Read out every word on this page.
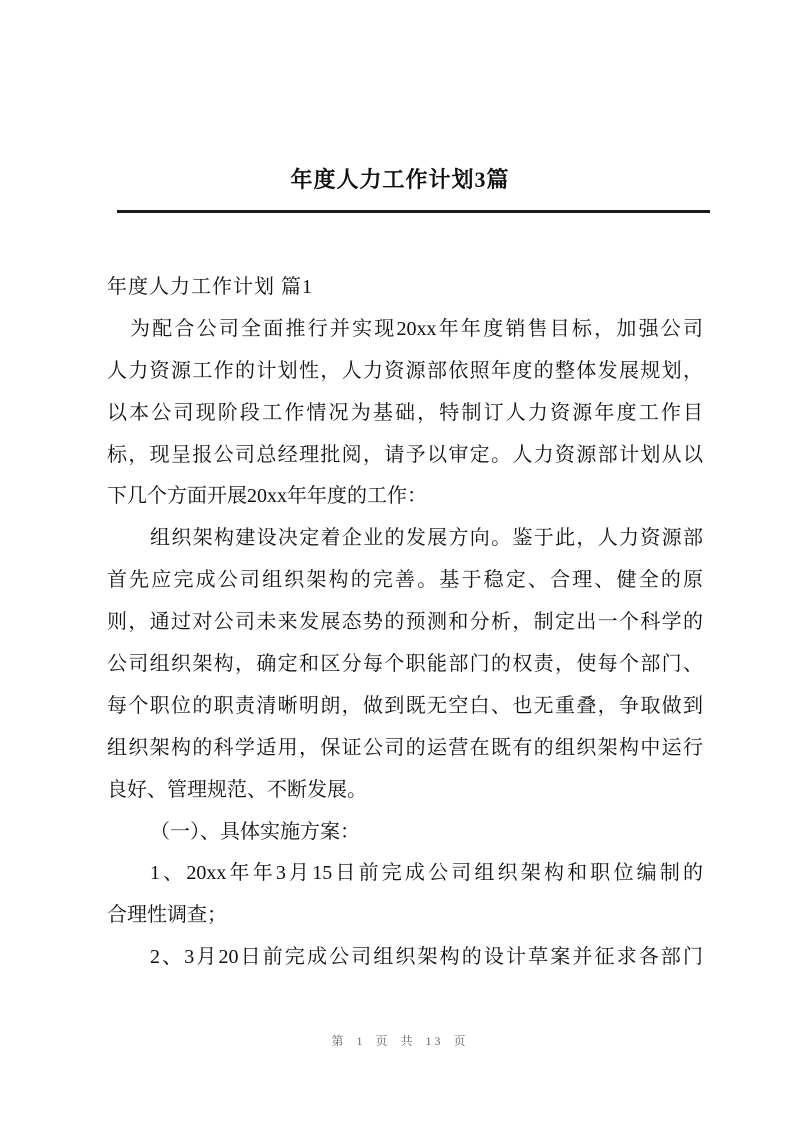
年度人力工作计划3篇
年度人力工作计划 篇1
为配合公司全面推行并实现20xx年年度销售目标，加强公司
人力资源工作的计划性，人力资源部依照年度的整体发展规划，
以本公司现阶段工作情况为基础，特制订人力资源年度工作目
标，现呈报公司总经理批阅，请予以审定。人力资源部计划从以
下几个方面开展20xx年年度的工作：
组织架构建设决定着企业的发展方向。鉴于此，人力资源部
首先应完成公司组织架构的完善。基于稳定、合理、健全的原
则，通过对公司未来发展态势的预测和分析，制定出一个科学的
公司组织架构，确定和区分每个职能部门的权责，使每个部门、
每个职位的职责清晰明朗，做到既无空白、也无重叠，争取做到
组织架构的科学适用，保证公司的运营在既有的组织架构中运行
良好、管理规范、不断发展。
（一）、具体实施方案：
1、20xx年年3月15日前完成公司组织架构和职位编制的
合理性调查；
2、3月20日前完成公司组织架构的设计草案并征求各部门
第 1 页 共 13 页
